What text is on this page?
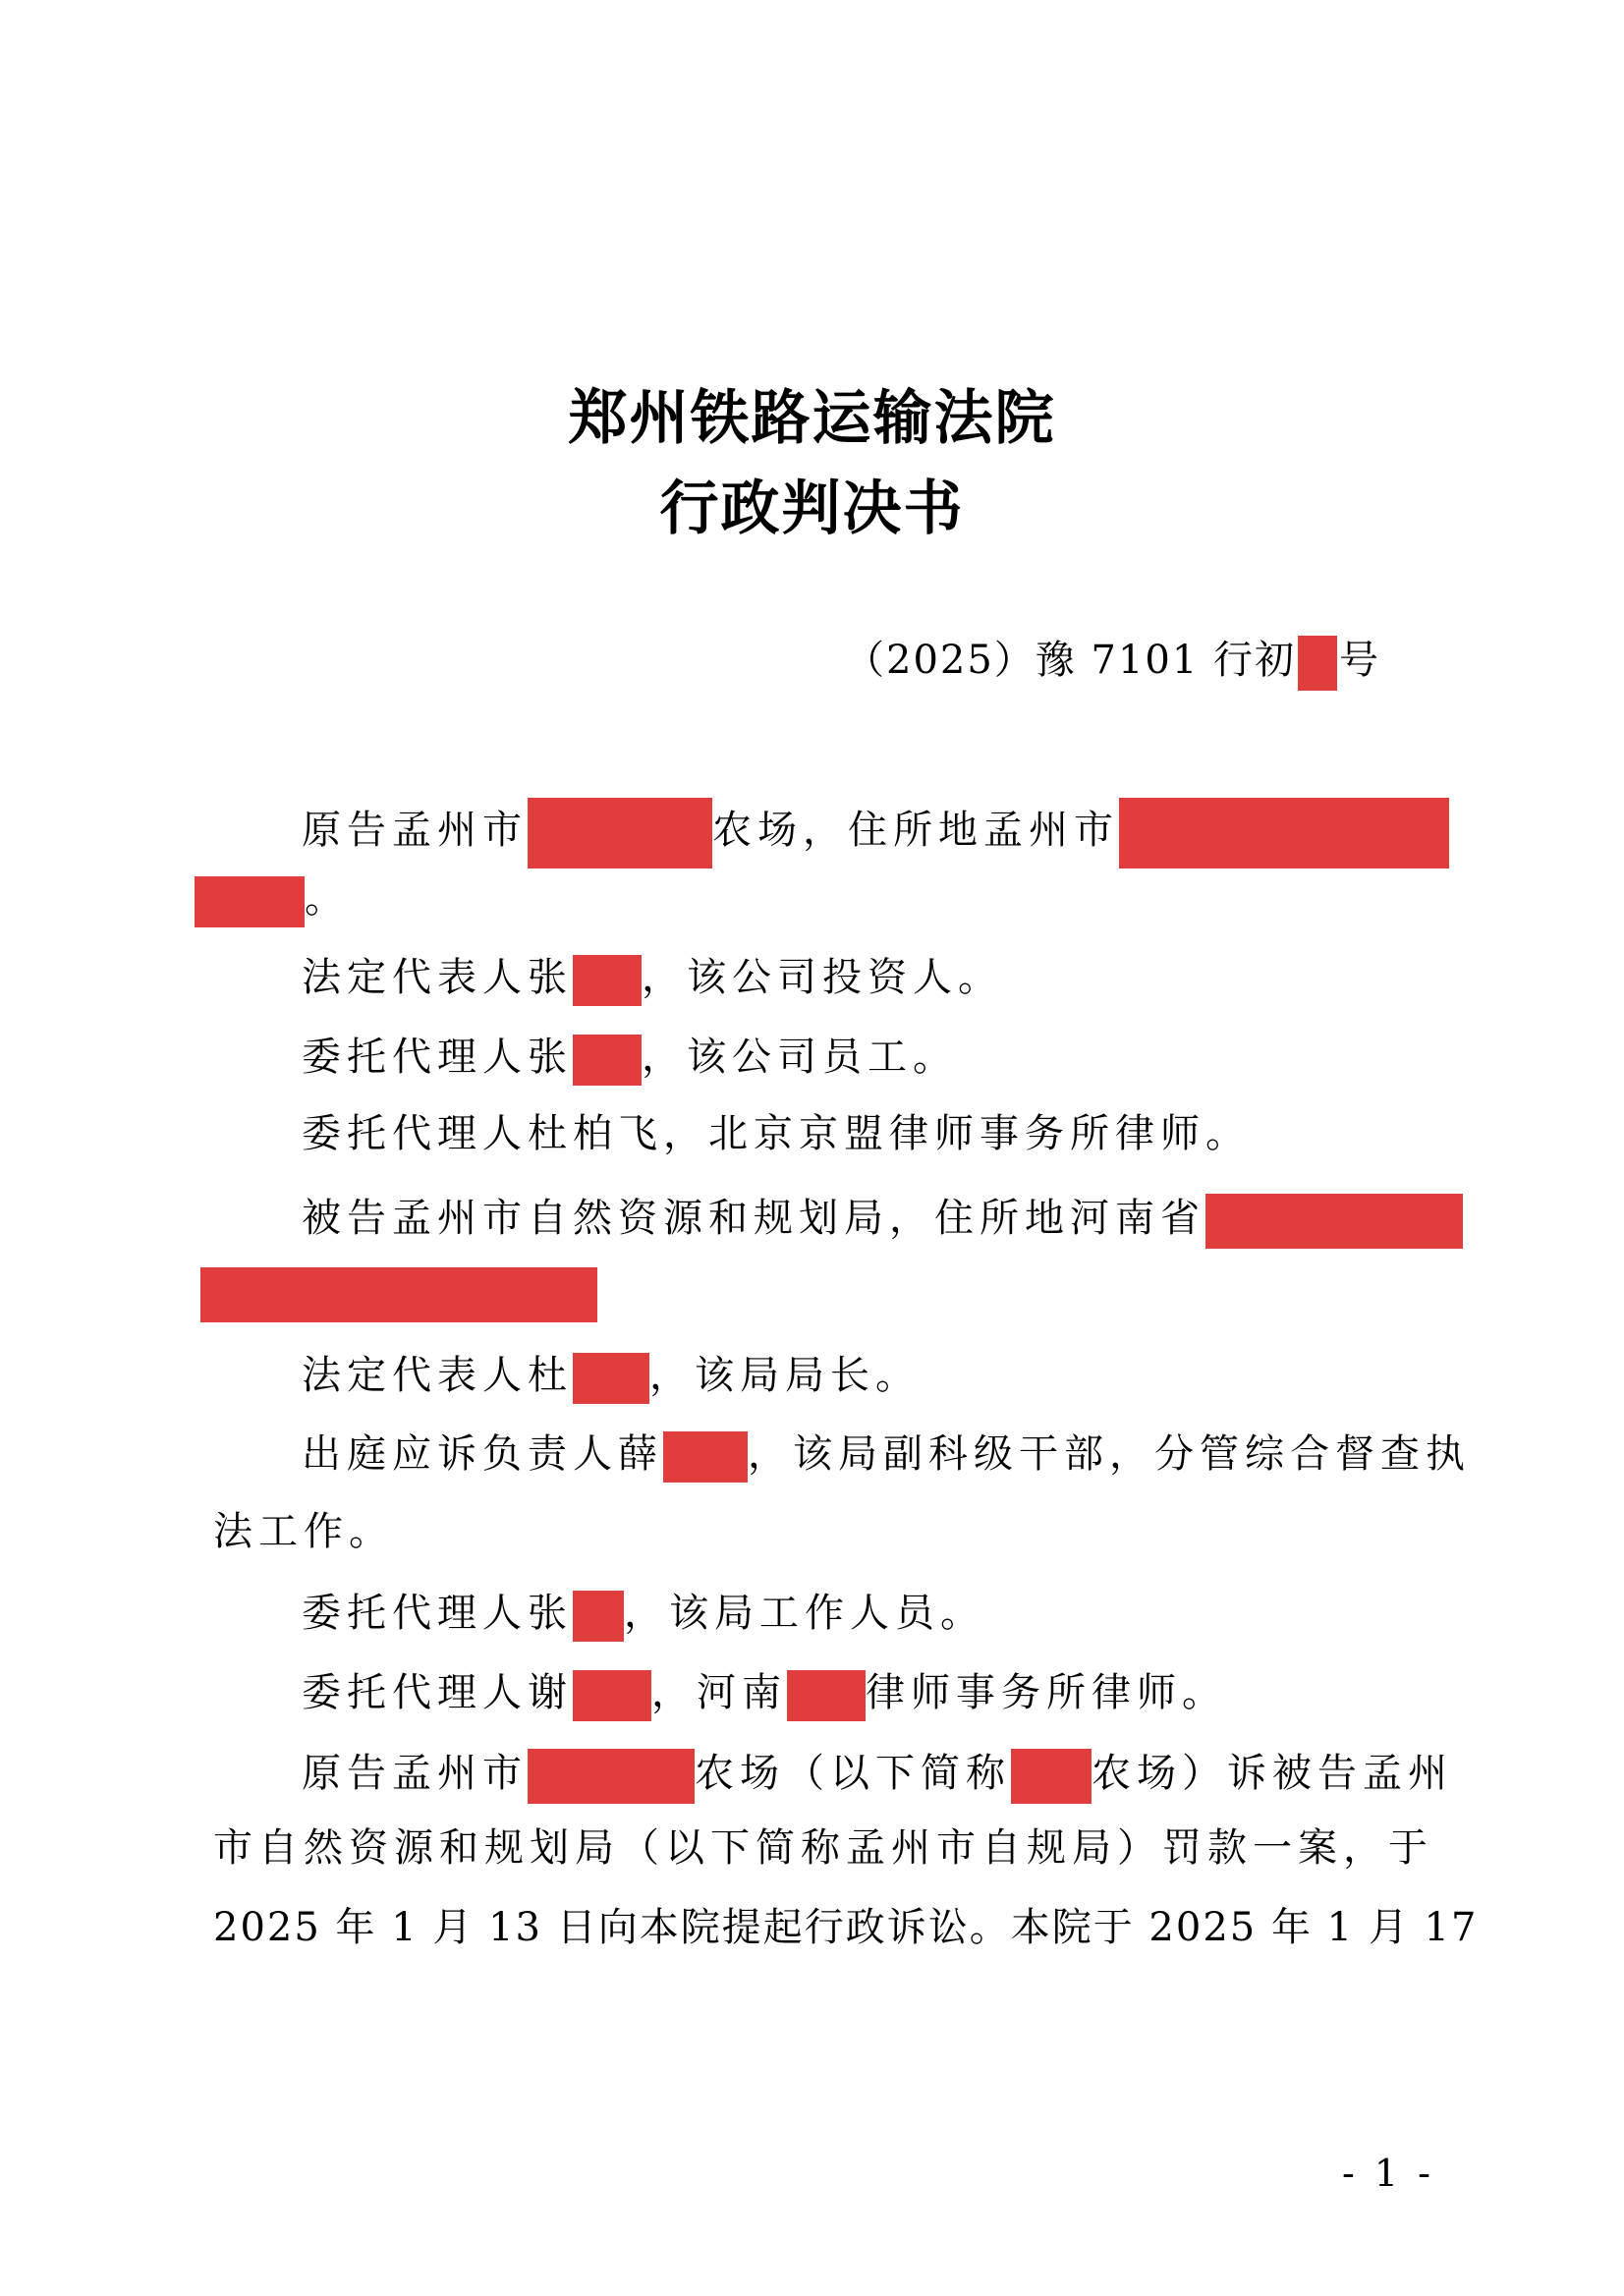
郑州铁路运输法院
行政判决书
（2025）豫 7101 行初 号
原告孟州市	农场，住所地孟州市
。
法定代表人张 ，该公司投资人。
委托代理人张 ，该公司员工。
委托代理人杜柏飞，北京京盟律师事务所律师。
被告孟州市自然资源和规划局，住所地河南省
法定代表人杜 ，该局局长。
出庭应诉负责人薛 ，该局副科级干部，分管综合督查执
法工作。
委托代理人张 ，该局工作人员。
委托代理人谢 ，河南 律师事务所律师。
原告孟州市	农场（以下简称 农场）诉被告孟州
市自然资源和规划局（以下简称孟州市自规局）罚款一案，于
2025 年 1 月 13 日向本院提起行政诉讼。本院于 2025 年 1 月 17
- 1 -
